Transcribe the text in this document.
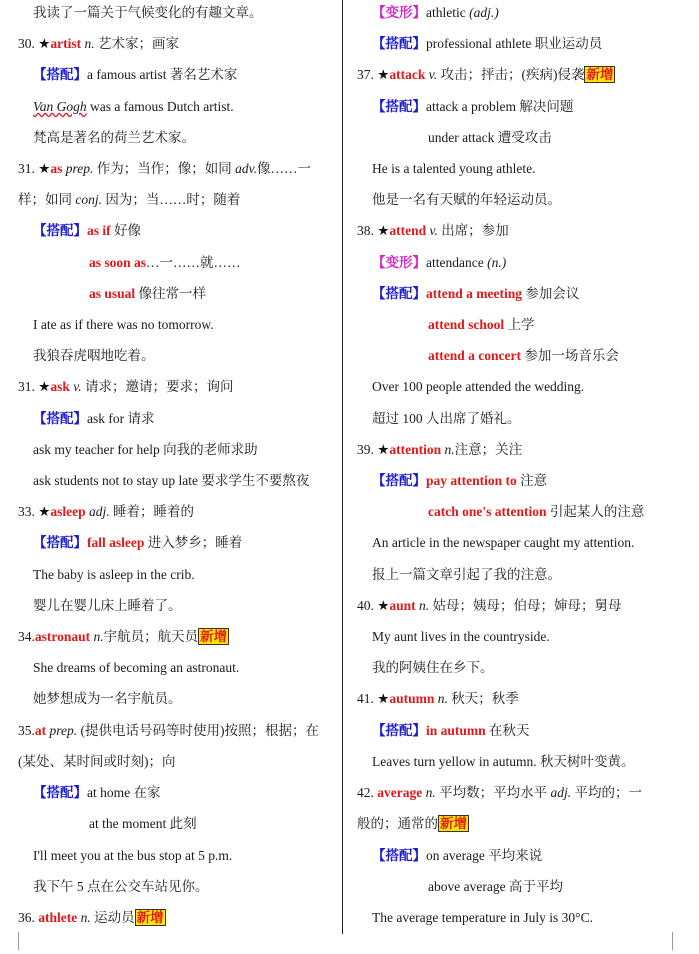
我读了一篇关于气候变化的有趣文章。
30. ★artist n. 艺术家；画家
【搭配】a famous artist 著名艺术家
Van Gogh was a famous Dutch artist.
梵高是著名的荷兰艺术家。
31. ★as prep. 作为；当作；像；如同 adv.像……一
样；如同 conj. 因为；当……时；随着
【搭配】as if 好像
as soon as…一……就……
as usual 像往常一样
I ate as if there was no tomorrow.
我狼吞虎咽地吃着。
31. ★ask v. 请求；邀请；要求；询问
【搭配】ask for 请求
ask my teacher for help 向我的老师求助
ask students not to stay up late 要求学生不要熬夜
33. ★asleep adj. 睡着；睡着的
【搭配】fall asleep 进入梦乡；睡着
The baby is asleep in the crib.
婴儿在婴儿床上睡着了。
34.astronaut n.宇航员；航天员 新增
She dreams of becoming an astronaut.
她梦想成为一名宇航员。
35.at prep. (提供电话号码等时使用)按照；根据；在
(某处、某时间或时刻)；向
【搭配】at home 在家
at the moment 此刻
I'll meet you at the bus stop at 5 p.m.
我下午 5 点在公交车站见你。
36. athlete n. 运动员 新增
【变形】athletic (adj.)
【搭配】professional athlete 职业运动员
37. ★attack v. 攻击；抨击；(疾病)侵袭 新增
【搭配】attack a problem 解决问题
under attack 遭受攻击
He is a talented young athlete.
他是一名有天赋的年轻运动员。
38. ★attend v. 出席；参加
【变形】attendance (n.)
【搭配】attend a meeting 参加会议
attend school 上学
attend a concert 参加一场音乐会
Over 100 people attended the wedding.
超过 100 人出席了婚礼。
39. ★attention n.注意；关注
【搭配】pay attention to 注意
catch one's attention 引起某人的注意
An article in the newspaper caught my attention.
报上一篇文章引起了我的注意。
40. ★aunt n. 姑母；姨母；伯母；婶母；舅母
My aunt lives in the countryside.
我的阿姨住在乡下。
41. ★autumn n. 秋天；秋季
【搭配】in autumn 在秋天
Leaves turn yellow in autumn. 秋天树叶变黄。
42. average n. 平均数；平均水平 adj. 平均的；一
般的；通常的 新增
【搭配】on average 平均来说
above average 高于平均
The average temperature in July is 30°C.
